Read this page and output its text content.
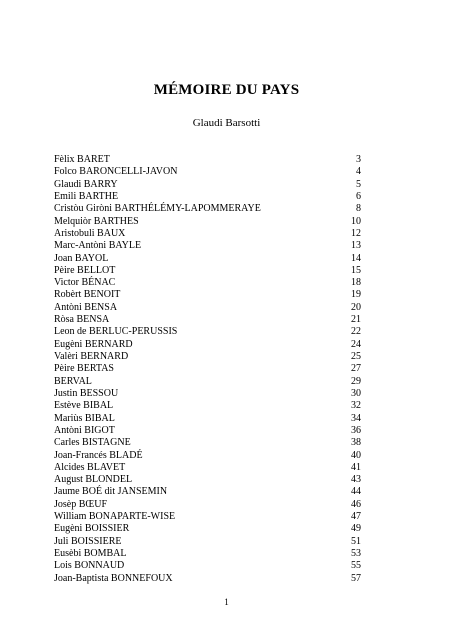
MÉMOIRE DU PAYS
Glaudi Barsotti
Fèlix BARET	3
Folco BARONCELLI-JAVON	4
Glaudi BARRY	5
Emili BARTHE	6
Cristòu Giròni BARTHÉLÉMY-LAPOMMERAYE	8
Melquiòr BARTHES	10
Aristobuli BAUX	12
Marc-Antòni BAYLE	13
Joan BAYOL	14
Pèire BELLOT	15
Victor BÉNAC	18
Robèrt BENOIT	19
Antòni BENSA	20
Ròsa BENSA	21
Leon de BERLUC-PERUSSIS	22
Eugèni BERNARD	24
Valèri BERNARD	25
Pèire BERTAS	27
BERVAL	29
Justin BESSOU	30
Estève BIBAL	32
Mariùs BIBAL	34
Antòni BIGOT	36
Carles BISTAGNE	38
Joan-Francés BLADÉ	40
Alcides BLAVET	41
August BLONDEL	43
Jaume BOÉ dit JANSEMIN	44
Josèp BŒUF	46
William BONAPARTE-WISE	47
Eugèni BOISSIER	49
Juli BOISSIERE	51
Eusèbi BOMBAL	53
Lois BONNAUD	55
Joan-Baptista BONNEFOUX	57
1
